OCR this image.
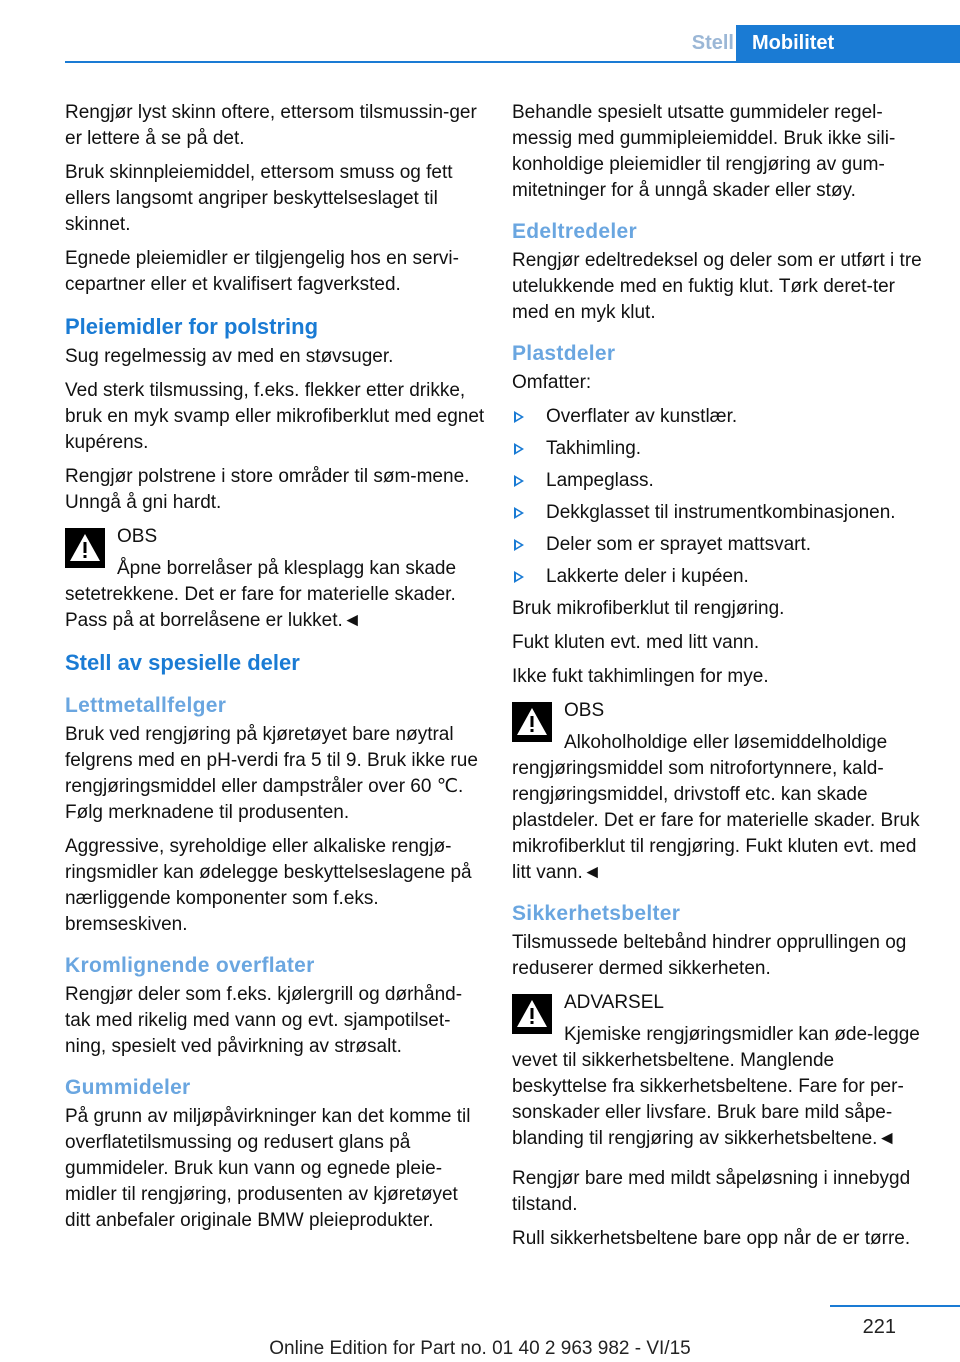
Stell Mobilitet

Rengjør lyst skinn oftere, ettersom tilsmussin-ger er lettere å se på det.

Bruk skinnpleiemiddel, ettersom smuss og fett ellers langsomt angriper beskyttelseslaget til skinnet.

Egnede pleiemidler er tilgjengelig hos en servi-cepartner eller et kvalifisert fagverksted.

Pleiemidler for polstring

Sug regelmessig av med en støvsuger.

Ved sterk tilsmussing, f.eks. flekker etter drikke, bruk en myk svamp eller mikrofiberklut med egnet kupérens.

Rengjør polstrene i store områder til søm-mene. Unngå å gni hardt.

OBS

Åpne borrelåser på klesplagg kan skade setetrekkene. Det er fare for materielle skader. Pass på at borrelåsene er lukket.◄

Stell av spesielle deler
Lettmetallfelger

Bruk ved rengjøring på kjøretøyet bare nøytral felgrens med en pH-verdi fra 5 til 9. Bruk ikke rue rengjøringsmiddel eller dampstråler over 60 ℃. Følg merknadene til produsenten.

Aggressive, syreholdige eller alkaliske rengjø-ringsmidler kan ødelegge beskyttelseslagene på nærliggende komponenter som f.eks. bremseskiven.

Kromlignende overflater

Rengjør deler som f.eks. kjølergrill og dørhånd-tak med rikelig med vann og evt. sjampotilset-ning, spesielt ved påvirkning av strøsalt.

Gummideler

På grunn av miljøpåvirkninger kan det komme til overflatetilsmussing og redusert glans på gummideler. Bruk kun vann og egnede pleie-midler til rengjøring, produsenten av kjøretøyet ditt anbefaler originale BMW pleieprodukter.

Behandle spesielt utsatte gummideler regel-messig med gummipleiemiddel. Bruk ikke sili-konholdige pleiemidler til rengjøring av gum-mitetninger for å unngå skader eller støy.

Edeltredeler

Rengjør edeltredeksel og deler som er utført i tre utelukkende med en fuktig klut. Tørk deret-ter med en myk klut.

Plastdeler

Omfatter:

Overflater av kunstlær.
Takhimling.
Lampeglass.
Dekkglasset til instrumentkombinasjonen.
Deler som er sprayet mattsvart.
Lakkerte deler i kupéen.

Bruk mikrofiberklut til rengjøring.

Fukt kluten evt. med litt vann.

Ikke fukt takhimlingen for mye.

OBS

Alkoholholdige eller løsemiddelholdige rengjøringsmiddel som nitrofortynnere, kald-rengjøringsmiddel, drivstoff etc. kan skade plastdeler. Det er fare for materielle skader. Bruk mikrofiberklut til rengjøring. Fukt kluten evt. med litt vann.◄

Sikkerhetsbelter

Tilsmussede beltebånd hindrer opprullingen og reduserer dermed sikkerheten.

ADVARSEL

Kjemiske rengjøringsmidler kan øde-legge vevet til sikkerhetsbeltene. Manglende beskyttelse fra sikkerhetsbeltene. Fare for per-sonskader eller livsfare. Bruk bare mild såpe-blanding til rengjøring av sikkerhetsbeltene.◄

Rengjør bare med mildt såpeløsning i innebygd tilstand.

Rull sikkerhetsbeltene bare opp når de er tørre.

221
Online Edition for Part no. 01 40 2 963 982 - VI/15
